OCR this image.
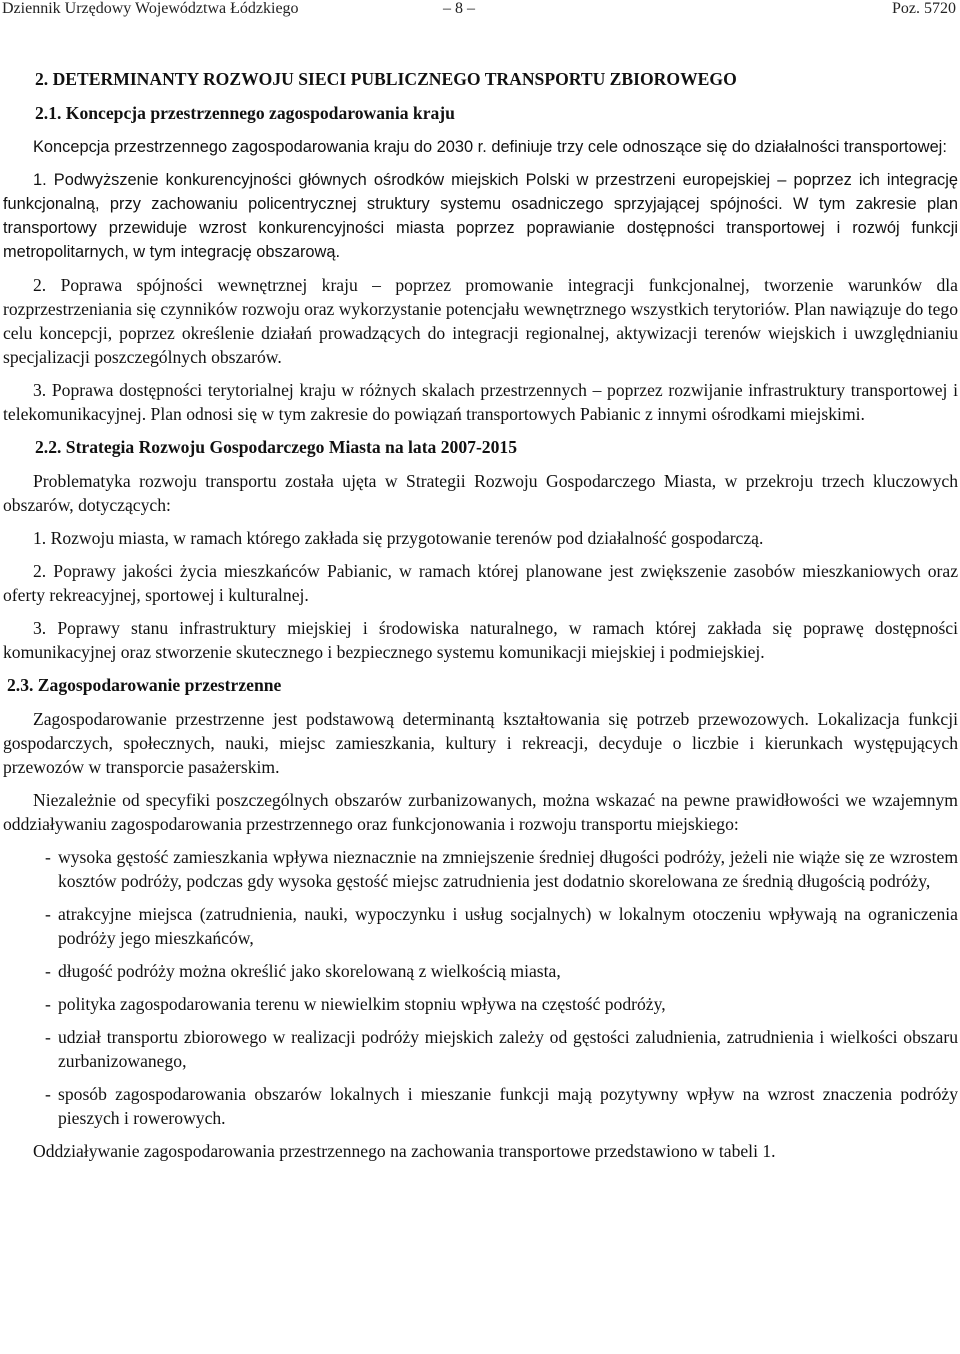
Dziennik Urzędowy Województwa Łódzkiego	– 8 –	Poz. 5720
2. DETERMINANTY ROZWOJU SIECI PUBLICZNEGO TRANSPORTU ZBIOROWEGO
2.1. Koncepcja przestrzennego zagospodarowania kraju
Koncepcja przestrzennego zagospodarowania kraju do 2030 r. definiuje trzy cele odnoszące się do działalności transportowej:
1. Podwyższenie konkurencyjności głównych ośrodków miejskich Polski w przestrzeni europejskiej – poprzez ich integrację funkcjonalną, przy zachowaniu policentrycznej struktury systemu osadniczego sprzyjającej spójności. W tym zakresie plan transportowy przewiduje wzrost konkurencyjności miasta poprzez poprawianie dostępności transportowej i rozwój funkcji metropolitarnych, w tym integrację obszarową.
2. Poprawa spójności wewnętrznej kraju – poprzez promowanie integracji funkcjonalnej, tworzenie warunków dla rozprzestrzeniania się czynników rozwoju oraz wykorzystanie potencjału wewnętrznego wszystkich terytoriów. Plan nawiązuje do tego celu koncepcji, poprzez określenie działań prowadzących do integracji regionalnej, aktywizacji terenów wiejskich i uwzględnianiu specjalizacji poszczególnych obszarów.
3. Poprawa dostępności terytorialnej kraju w różnych skalach przestrzennych – poprzez rozwijanie infrastruktury transportowej i telekomunikacyjnej. Plan odnosi się w tym zakresie do powiązań transportowych Pabianic z innymi ośrodkami miejskimi.
2.2. Strategia Rozwoju Gospodarczego Miasta na lata 2007-2015
Problematyka rozwoju transportu została ujęta w Strategii Rozwoju Gospodarczego Miasta, w przekroju trzech kluczowych obszarów, dotyczących:
1. Rozwoju miasta, w ramach którego zakłada się przygotowanie terenów pod działalność gospodarczą.
2. Poprawy jakości życia mieszkańców Pabianic, w ramach której planowane jest zwiększenie zasobów mieszkaniowych oraz oferty rekreacyjnej, sportowej i kulturalnej.
3. Poprawy stanu infrastruktury miejskiej i środowiska naturalnego, w ramach której zakłada się poprawę dostępności komunikacyjnej oraz stworzenie skutecznego i bezpiecznego systemu komunikacji miejskiej i podmiejskiej.
2.3. Zagospodarowanie przestrzenne
Zagospodarowanie przestrzenne jest podstawową determinantą kształtowania się potrzeb przewozowych. Lokalizacja funkcji gospodarczych, społecznych, nauki, miejsc zamieszkania, kultury i rekreacji, decyduje o liczbie i kierunkach występujących przewozów w transporcie pasażerskim.
Niezależnie od specyfiki poszczególnych obszarów zurbanizowanych, można wskazać na pewne prawidłowości we wzajemnym oddziaływaniu zagospodarowania przestrzennego oraz funkcjonowania i rozwoju transportu miejskiego:
- wysoka gęstość zamieszkania wpływa nieznacznie na zmniejszenie średniej długości podróży, jeżeli nie wiąże się ze wzrostem kosztów podróży, podczas gdy wysoka gęstość miejsc zatrudnienia jest dodatnio skorelowana ze średnią długością podróży,
- atrakcyjne miejsca (zatrudnienia, nauki, wypoczynku i usług socjalnych) w lokalnym otoczeniu wpływają na ograniczenia podróży jego mieszkańców,
- długość podróży można określić jako skorelowaną z wielkością miasta,
- polityka zagospodarowania terenu w niewielkim stopniu wpływa na częstość podróży,
- udział transportu zbiorowego w realizacji podróży miejskich zależy od gęstości zaludnienia, zatrudnienia i wielkości obszaru zurbanizowanego,
- sposób zagospodarowania obszarów lokalnych i mieszanie funkcji mają pozytywny wpływ na wzrost znaczenia podróży pieszych i rowerowych.
Oddziaływanie zagospodarowania przestrzennego na zachowania transportowe przedstawiono w tabeli 1.
